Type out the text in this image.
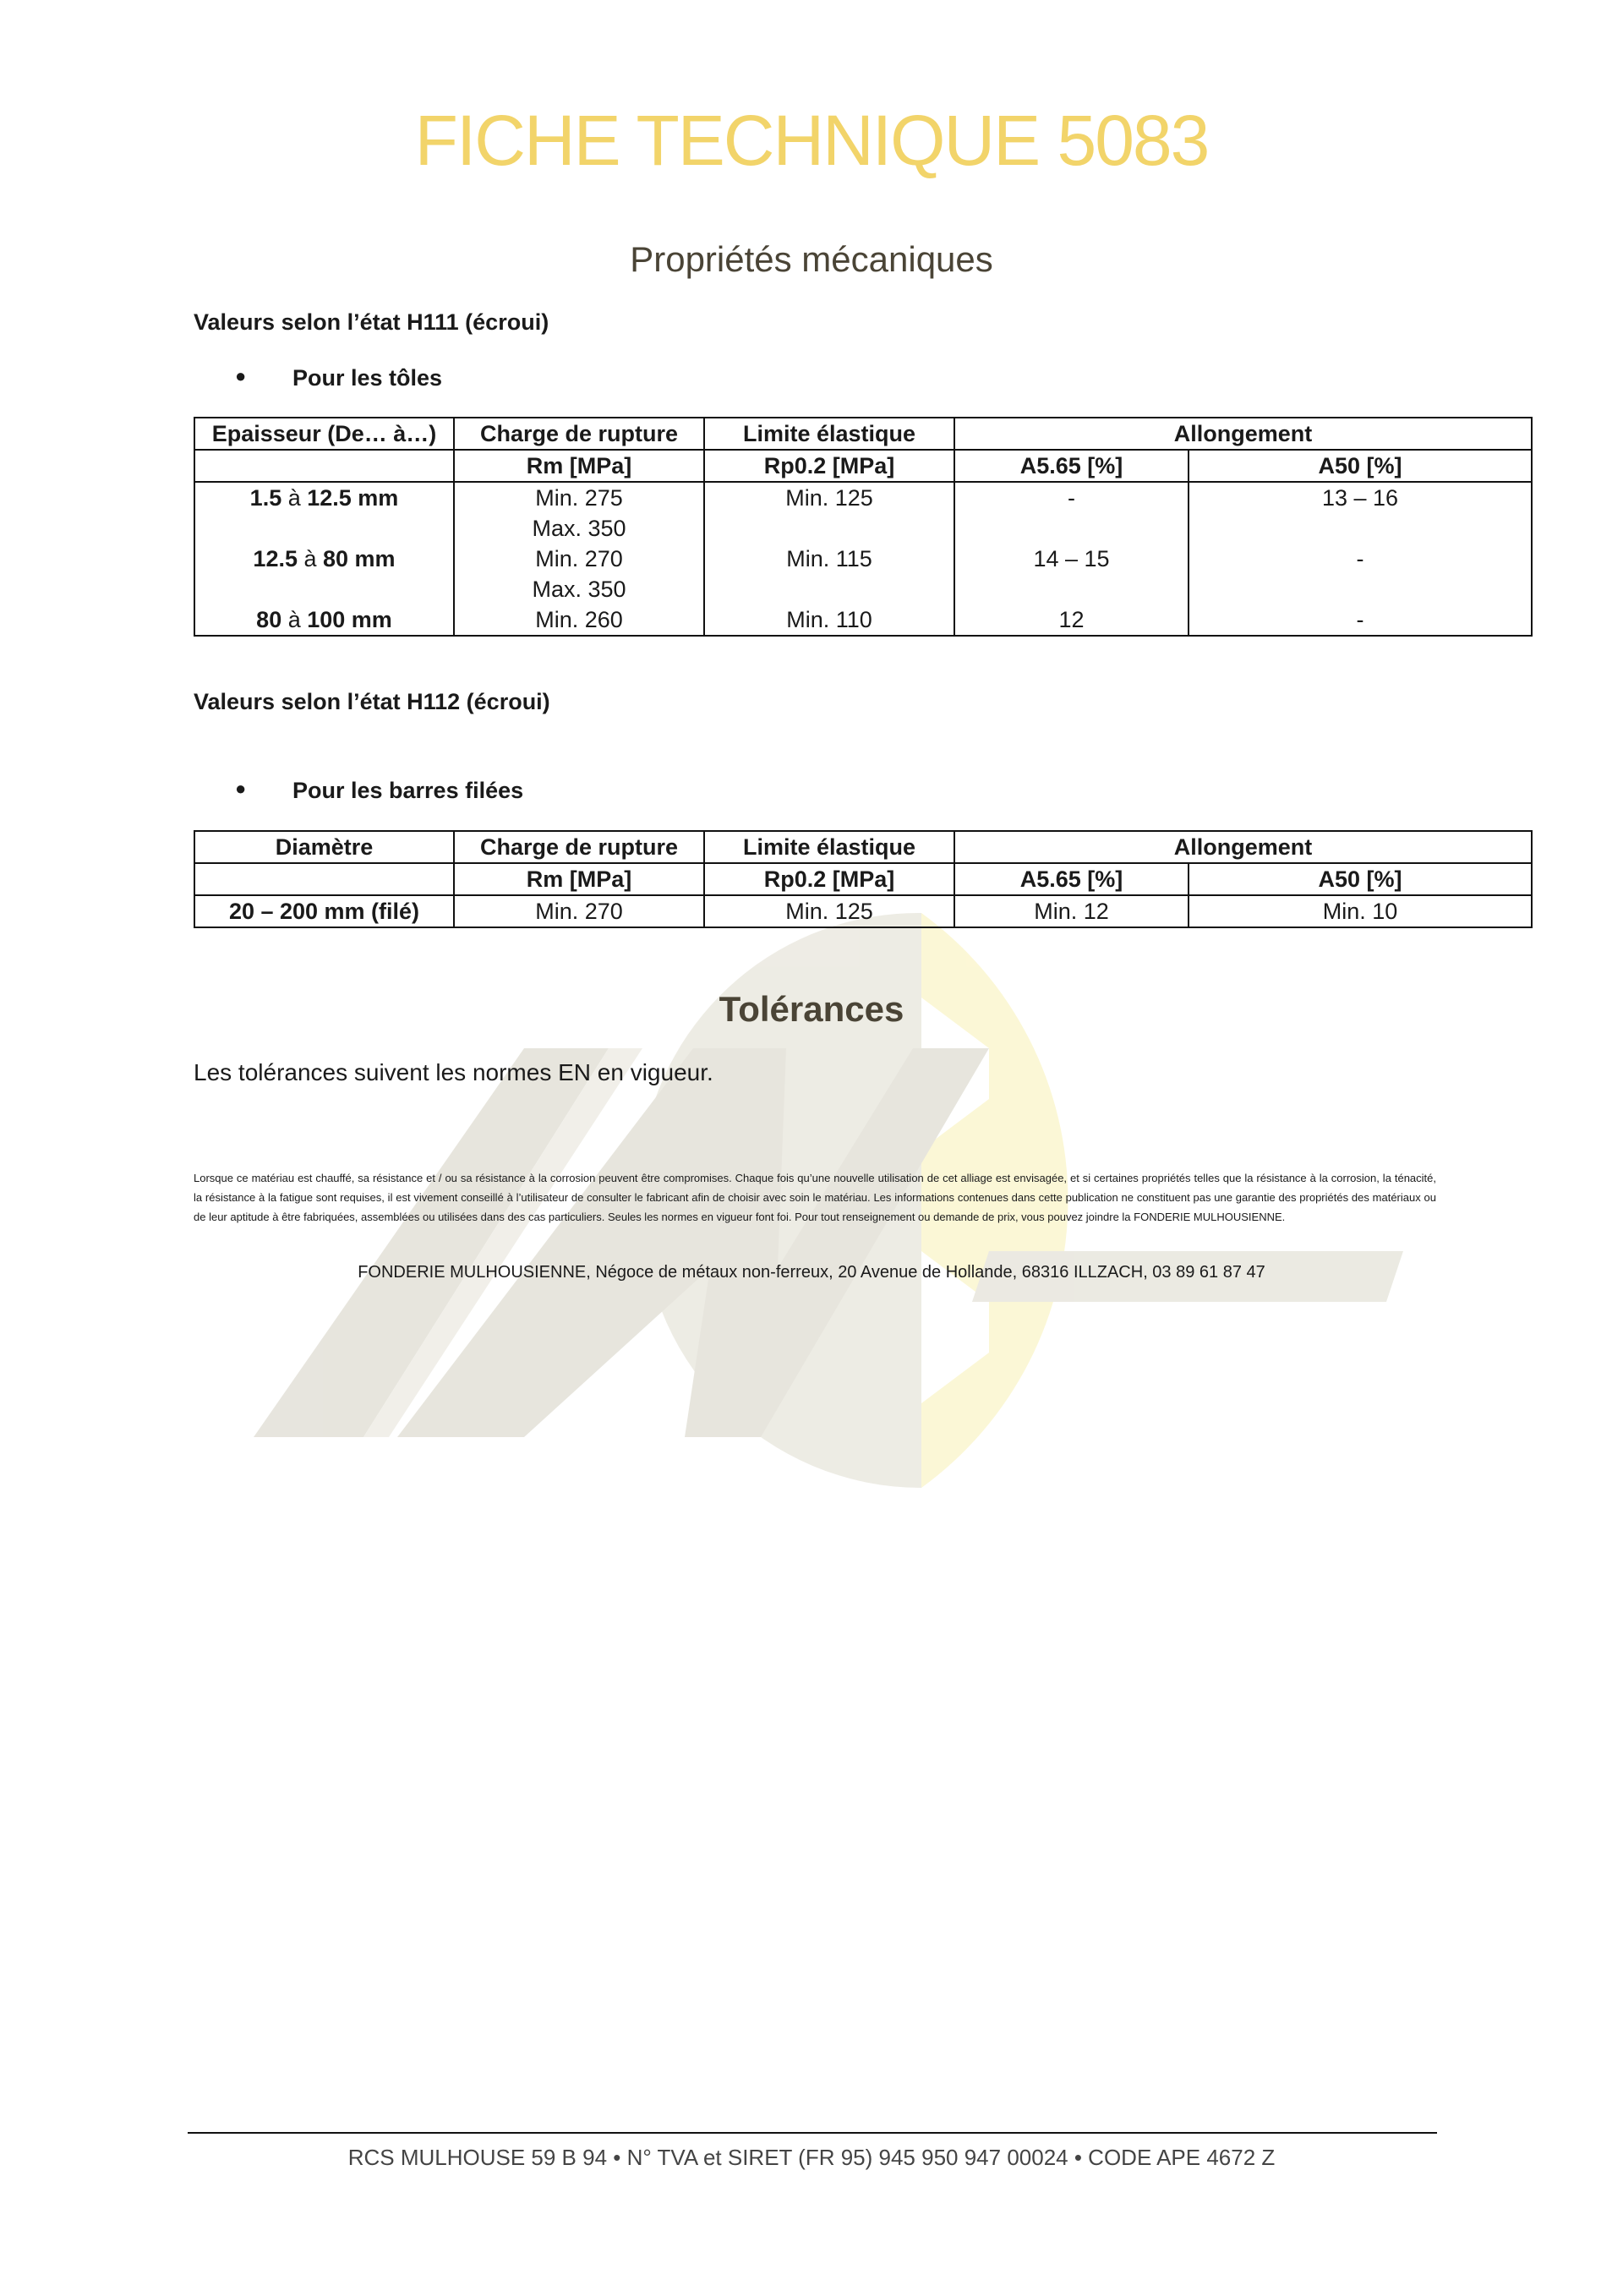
FICHE TECHNIQUE 5083
Propriétés mécaniques
Valeurs selon l’état H111 (écroui)
● Pour les tôles
Epaisseur (De… à…)	Charge de rupture	Limite élastique	Allongement	
	Rm [MPa]	Rp0.2 [MPa]	A5.65 [%]	A50 [%]
1.5 à 12.5 mm	Min. 275	Min. 125	-	13 – 16
	Max. 350			
12.5 à 80 mm	Min. 270	Min. 115	14 – 15	-
	Max. 350			
80 à 100 mm	Min. 260	Min. 110	12	-
Valeurs selon l’état H112 (écroui)
● Pour les barres filées
Diamètre	Charge de rupture	Limite élastique	Allongement	
	Rm [MPa]	Rp0.2 [MPa]	A5.65 [%]	A50 [%]
20 – 200 mm (filé)	Min. 270	Min. 125	Min. 12	Min. 10
Tolérances
Les tolérances suivent les normes EN en vigueur.
Lorsque ce matériau est chauffé, sa résistance et / ou sa résistance à la corrosion peuvent être compromises. Chaque fois qu’une nouvelle utilisation de cet alliage est envisagée, et si certaines propriétés telles que la résistance à la corrosion, la ténacité, la résistance à la fatigue sont requises, il est vivement conseillé à l’utilisateur de consulter le fabricant afin de choisir avec soin le matériau. Les informations contenues dans cette publication ne constituent pas une garantie des propriétés des matériaux ou de leur aptitude à être fabriquées, assemblées ou utilisées dans des cas particuliers. Seules les normes en vigueur font foi. Pour tout renseignement ou demande de prix, vous pouvez joindre la FONDERIE MULHOUSIENNE.
FONDERIE MULHOUSIENNE, Négoce de métaux non-ferreux, 20 Avenue de Hollande, 68316 ILLZACH, 03 89 61 87 47
RCS MULHOUSE 59 B 94 • N° TVA et SIRET (FR 95) 945 950 947 00024 • CODE APE 4672 Z
